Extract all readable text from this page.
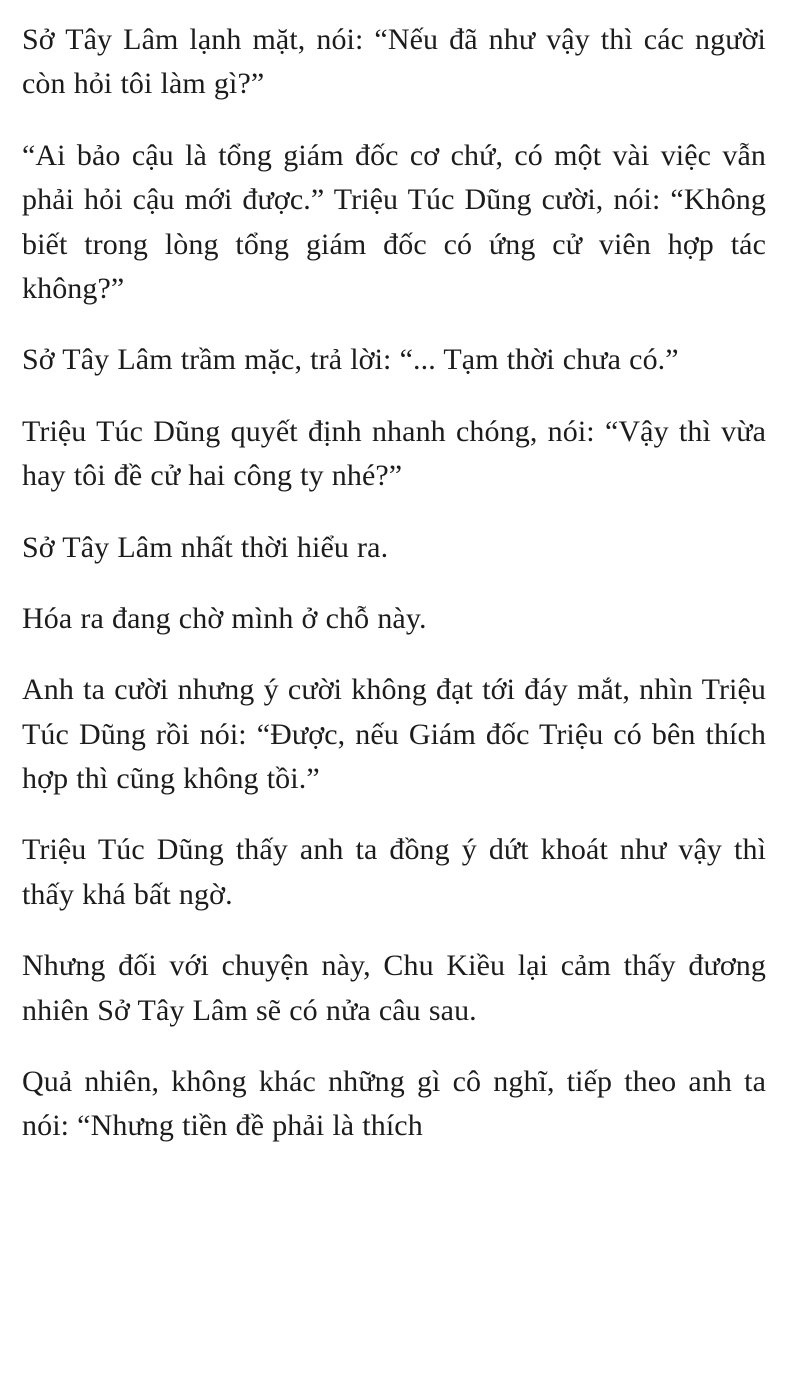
Sở Tây Lâm lạnh mặt, nói: “Nếu đã như vậy thì các người còn hỏi tôi làm gì?”

“Ai bảo cậu là tổng giám đốc cơ chứ, có một vài việc vẫn phải hỏi cậu mới được.” Triệu Túc Dũng cười, nói: “Không biết trong lòng tổng giám đốc có ứng cử viên hợp tác không?”

Sở Tây Lâm trầm mặc, trả lời: “... Tạm thời chưa có.”

Triệu Túc Dũng quyết định nhanh chóng, nói: “Vậy thì vừa hay tôi đề cử hai công ty nhé?”

Sở Tây Lâm nhất thời hiểu ra.

Hóa ra đang chờ mình ở chỗ này.

Anh ta cười nhưng ý cười không đạt tới đáy mắt, nhìn Triệu Túc Dũng rồi nói: “Được, nếu Giám đốc Triệu có bên thích hợp thì cũng không tồi.”

Triệu Túc Dũng thấy anh ta đồng ý dứt khoát như vậy thì thấy khá bất ngờ.

Nhưng đối với chuyện này, Chu Kiều lại cảm thấy đương nhiên Sở Tây Lâm sẽ có nửa câu sau.

Quả nhiên, không khác những gì cô nghĩ, tiếp theo anh ta nói: “Nhưng tiền đề phải là thích
